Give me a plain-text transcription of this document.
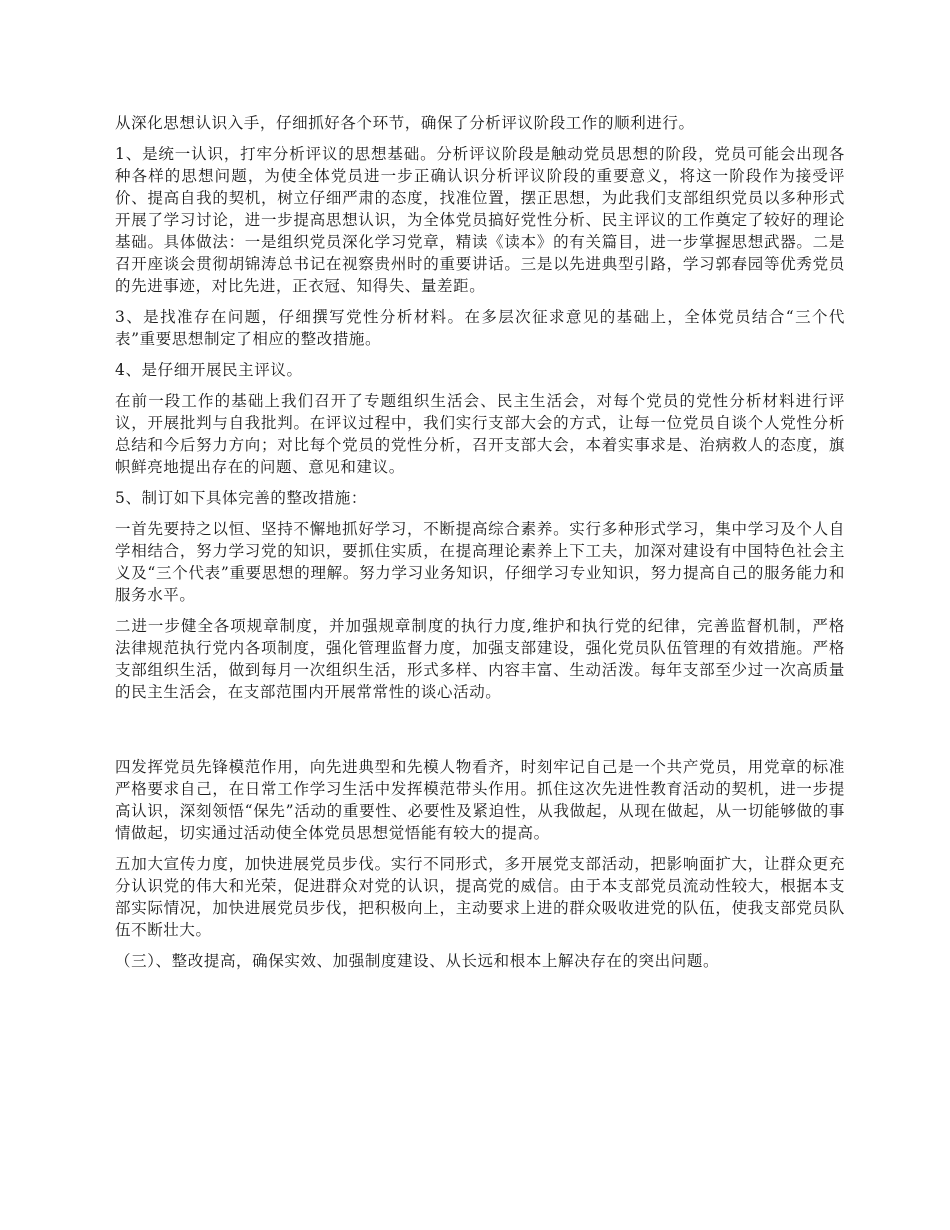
从深化思想认识入手，仔细抓好各个环节，确保了分析评议阶段工作的顺利进行。

1、是统一认识，打牢分析评议的思想基础。分析评议阶段是触动党员思想的阶段，党员可能会出现各种各样的思想问题，为使全体党员进一步正确认识分析评议阶段的重要意义，将这一阶段作为接受评价、提高自我的契机，树立仔细严肃的态度，找准位置，摆正思想，为此我们支部组织党员以多种形式开展了学习讨论，进一步提高思想认识，为全体党员搞好党性分析、民主评议的工作奠定了较好的理论基础。具体做法：一是组织党员深化学习党章，精读《读本》的有关篇目，进一步掌握思想武器。二是召开座谈会贯彻胡锦涛总书记在视察贵州时的重要讲话。三是以先进典型引路，学习郭春园等优秀党员的先进事迹，对比先进，正衣冠、知得失、量差距。

3、是找准存在问题，仔细撰写党性分析材料。在多层次征求意见的基础上，全体党员结合“三个代表”重要思想制定了相应的整改措施。

4、是仔细开展民主评议。

在前一段工作的基础上我们召开了专题组织生活会、民主生活会，对每个党员的党性分析材料进行评议，开展批判与自我批判。在评议过程中，我们实行支部大会的方式，让每一位党员自谈个人党性分析总结和今后努力方向；对比每个党员的党性分析，召开支部大会，本着实事求是、治病救人的态度，旗帜鲜亮地提出存在的问题、意见和建议。

5、制订如下具体完善的整改措施：

一首先要持之以恒、坚持不懈地抓好学习，不断提高综合素养。实行多种形式学习，集中学习及个人自学相结合，努力学习党的知识，要抓住实质，在提高理论素养上下工夫，加深对建设有中国特色社会主义及“三个代表”重要思想的理解。努力学习业务知识，仔细学习专业知识，努力提高自己的服务能力和服务水平。

二进一步健全各项规章制度，并加强规章制度的执行力度,维护和执行党的纪律，完善监督机制，严格法律规范执行党内各项制度，强化管理监督力度，加强支部建设，强化党员队伍管理的有效措施。严格支部组织生活，做到每月一次组织生活，形式多样、内容丰富、生动活泼。每年支部至少过一次高质量的民主生活会，在支部范围内开展常常性的谈心活动。

四发挥党员先锋模范作用，向先进典型和先模人物看齐，时刻牢记自己是一个共产党员，用党章的标准严格要求自己，在日常工作学习生活中发挥模范带头作用。抓住这次先进性教育活动的契机，进一步提高认识，深刻领悟“保先”活动的重要性、必要性及紧迫性，从我做起，从现在做起，从一切能够做的事情做起，切实通过活动使全体党员思想觉悟能有较大的提高。

五加大宣传力度，加快进展党员步伐。实行不同形式，多开展党支部活动，把影响面扩大，让群众更充分认识党的伟大和光荣，促进群众对党的认识，提高党的威信。由于本支部党员流动性较大，根据本支部实际情况，加快进展党员步伐，把积极向上，主动要求上进的群众吸收进党的队伍，使我支部党员队伍不断壮大。

（三）、整改提高，确保实效、加强制度建设、从长远和根本上解决存在的突出问题。
